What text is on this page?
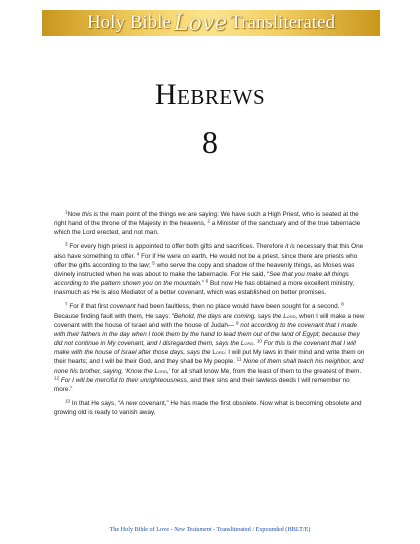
Holy Bible Love Transliterated
Hebrews
8

$^1$Now this is the main point of the things we are saying: We have such a High Priest, who is seated at the right hand of the throne of the Majesty in the heavens, $^2$ a Minister of the sanctuary and of the true tabernacle which the Lord erected, and not man.

$^3$ For every high priest is appointed to offer both gifts and sacrifices. Therefore it is necessary that this One also have something to offer. $^4$ For if He were on earth, He would not be a priest, since there are priests who offer the gifts according to the law; $^5$ who serve the copy and shadow of the heavenly things, as Moses was divinely instructed when he was about to make the tabernacle. For He said, “See that you make all things according to the pattern shown you on the mountain.” $^6$ But now He has obtained a more excellent ministry, inasmuch as He is also Mediator of a better covenant, which was established on better promises.

$^7$ For if that first covenant had been faultless, then no place would have been sought for a second. $^8$ Because finding fault with them, He says: “Behold, the days are coming, says the Lord, when I will make a new covenant with the house of Israel and with the house of Judah— $^9$ not according to the covenant that I made with their fathers in the day when I took them by the hand to lead them out of the land of Egypt; because they did not continue in My covenant, and I disregarded them, says the Lord. $^{10}$ For this is the covenant that I will make with the house of Israel after those days, says the Lord: I will put My laws in their mind and write them on their hearts; and I will be their God, and they shall be My people. $^{11}$ None of them shall teach his neighbor, and none his brother, saying, ‘Know the Lord,’ for all shall know Me, from the least of them to the greatest of them. $^{12}$ For I will be merciful to their unrighteousness, and their sins and their lawless deeds I will remember no more.”

$^{13}$ In that He says, “A new covenant,” He has made the first obsolete. Now what is becoming obsolete and growing old is ready to vanish away.

The Holy Bible of Love - New Testament - Transliterated / Expounded (HBLT/E)
